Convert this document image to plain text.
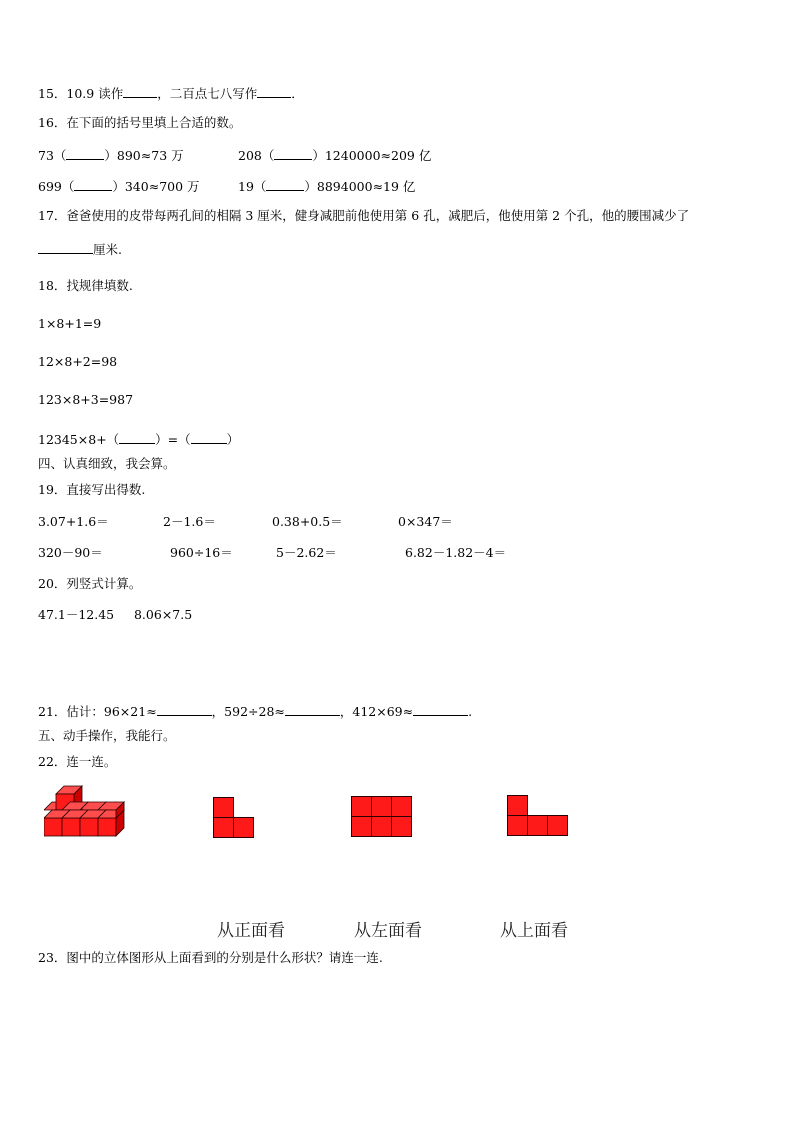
15．10.9 读作	，二百点七八写作	．
16．在下面的括号里填上合适的数。
73（	）890≈73 万	208（	）1240000≈209 亿
699（	）340≈700 万	19（	）8894000≈19 亿
17．爸爸使用的皮带每两孔间的相隔 3 厘米，健身减肥前他使用第 6 孔，减肥后，他使用第 2 个孔，他的腰围减少了
厘米.
18．找规律填数.
1×8+1=9
12×8+2=98
123×8+3=987
12345×8+（	）=（	）
四、认真细致，我会算。
19．直接写出得数.
3.07+1.6＝	2－1.6＝	0.38+0.5＝	0×347＝
320－90＝	960÷16＝	5－2.62＝	6.82－1.82－4＝
20．列竖式计算。
47.1－12.45     8.06×7.5
21．估计：96×21≈	，592÷28≈	，412×69≈	.
五、动手操作，我能行。
22．连一连。
从正面看	从左面看	从上面看
23．图中的立体图形从上面看到的分别是什么形状？请连一连.
